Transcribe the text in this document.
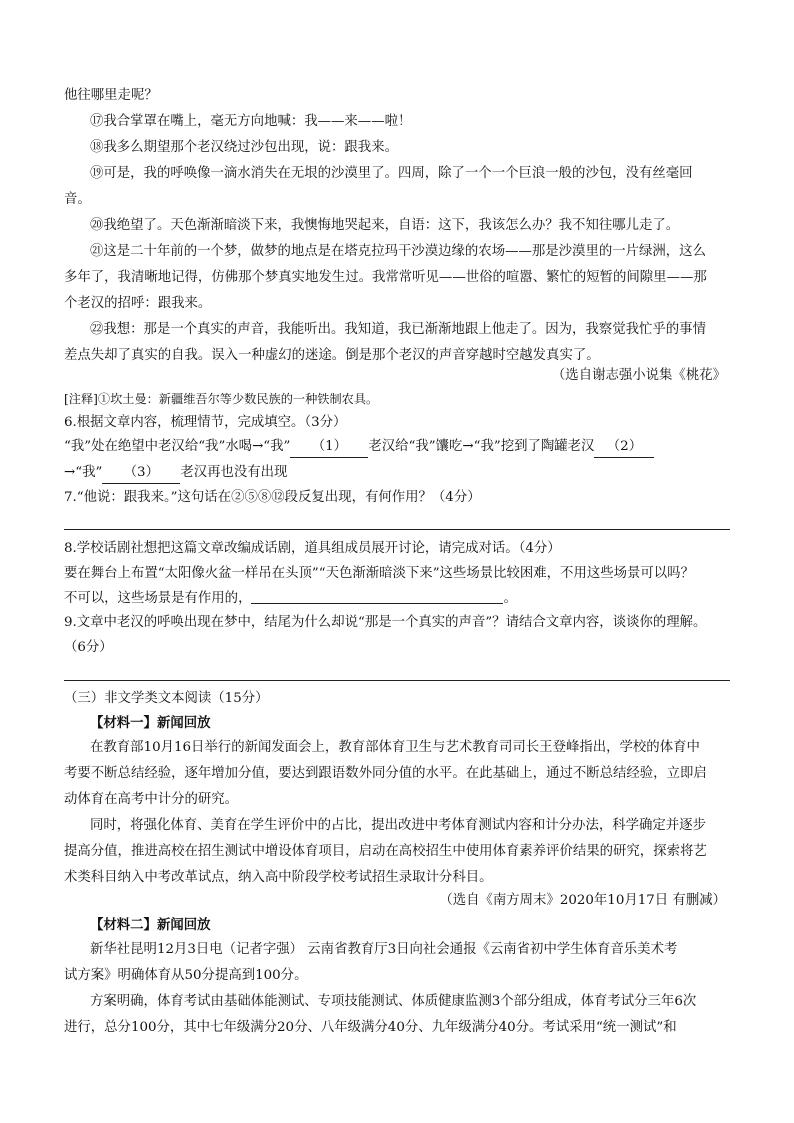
他往哪里走呢？
⑰我合掌罩在嘴上，毫无方向地喊：我——来——啦！
⑱我多么期望那个老汉绕过沙包出现，说：跟我来。
⑲可是，我的呼唤像一滴水消失在无垠的沙漠里了。四周，除了一个一个巨浪一般的沙包，没有丝毫回
音。
⑳我绝望了。天色渐渐暗淡下来，我懊悔地哭起来，自语：这下，我该怎么办？我不知往哪儿走了。
㉑这是二十年前的一个梦，做梦的地点是在塔克拉玛干沙漠边缘的农场——那是沙漠里的一片绿洲，这么
多年了，我清晰地记得，仿佛那个梦真实地发生过。我常常听见——世俗的喧嚣、繁忙的短暂的间隙里——那
个老汉的招呼：跟我来。
㉒我想：那是一个真实的声音，我能听出。我知道，我已渐渐地跟上他走了。因为，我察觉我忙乎的事情
差点失却了真实的自我。误入一种虚幻的迷途。倒是那个老汉的声音穿越时空越发真实了。
（选自谢志强小说集《桃花》
[注释]①坎土曼：新疆维吾尔等少数民族的一种铁制农具。
6.根据文章内容，梳理情节，完成填空。（3分）
“我”处在绝望中老汉给“我”水喝→“我” （1） 老汉给“我”馕吃→“我”挖到了陶罐老汉 （2）
→“我” （3） 老汉再也没有出现
7.“他说：跟我来。”这句话在②⑤⑧⑫段反复出现，有何作用？（4分）
8.学校话剧社想把这篇文章改编成话剧，道具组成员展开讨论，请完成对话。（4分）
要在舞台上布置“太阳像火盆一样吊在头顶”“天色渐渐暗淡下来”这些场景比较困难，不用这些场景可以吗？
不可以，这些场景是有作用的，	。
9.文章中老汉的呼唤出现在梦中，结尾为什么却说“那是一个真实的声音”？请结合文章内容，谈谈你的理解。
（6分）
（三）非文学类文本阅读（15分）
【材料一】新闻回放
在教育部10月16日举行的新闻发面会上，教育部体育卫生与艺术教育司司长王登峰指出，学校的体育中
考要不断总结经验，逐年增加分值，要达到跟语数外同分值的水平。在此基础上，通过不断总结经验，立即启
动体育在高考中计分的研究。
同时，将强化体育、美育在学生评价中的占比，提出改进中考体育测试内容和计分办法，科学确定并逐步
提高分值，推进高校在招生测试中增设体育项目，启动在高校招生中使用体育素养评价结果的研究，探索将艺
术类科目纳入中考改革试点，纳入高中阶段学校考试招生录取计分科目。
（选自《南方周末》2020年10月17日 有删减）
【材料二】新闻回放
新华社昆明12月3日电（记者字强） 云南省教育厅3日向社会通报《云南省初中学生体育音乐美术考
试方案》明确体育从50分提高到100分。
方案明确，体育考试由基础体能测试、专项技能测试、体质健康监测3个部分组成，体育考试分三年6次
进行，总分100分，其中七年级满分20分、八年级满分40分、九年级满分40分。考试采用“统一测试”和
